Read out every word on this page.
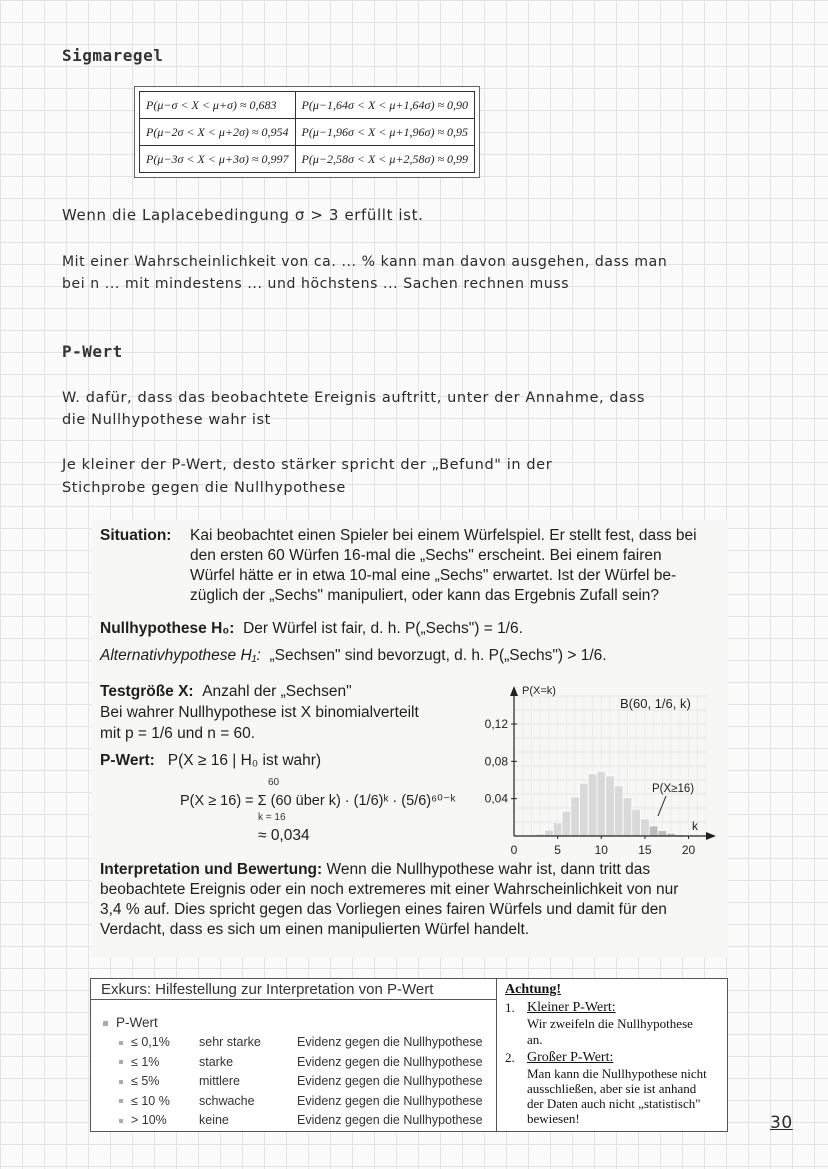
Sigmaregel
P(μ−σ < X < μ+σ) ≈ 0,683	P(μ−1,64σ < X < μ+1,64σ) ≈ 0,90
P(μ−2σ < X < μ+2σ) ≈ 0,954	P(μ−1,96σ < X < μ+1,96σ) ≈ 0,95
P(μ−3σ < X < μ+3σ) ≈ 0,997	P(μ−2,58σ < X < μ+2,58σ) ≈ 0,99
Wenn die Laplacebedingung σ > 3 erfüllt ist.
Mit einer Wahrscheinlichkeit von ca. ... % kann man davon ausgehen, dass man
bei n ... mit mindestens ... und höchstens ... Sachen rechnen muss
P-Wert
W. dafür, dass das beobachtete Ereignis auftritt, unter der Annahme, dass
die Nullhypothese wahr ist
Je kleiner der P-Wert, desto stärker spricht der „Befund" in der
Stichprobe gegen die Nullhypothese
Situation: Kai beobachtet einen Spieler bei einem Würfelspiel. Er stellt fest, dass bei
den ersten 60 Würfen 16-mal die „Sechs" erscheint. Bei einem fairen
Würfel hätte er in etwa 10-mal eine „Sechs" erwartet. Ist der Würfel be-
züglich der „Sechs" manipuliert, oder kann das Ergebnis Zufall sein?
Nullhypothese H₀: Der Würfel ist fair, d. h. P(„Sechs") = 1/6.
Alternativhypothese H₁: „Sechsen" sind bevorzugt, d. h. P(„Sechs") > 1/6.
Testgröße X: Anzahl der „Sechsen"
Bei wahrer Nullhypothese ist X binomialverteilt
mit p = 1/6 und n = 60.
P-Wert: P(X ≥ 16 | H₀ ist wahr)
60
P(X ≥ 16) = Σ (60 über k) · (1/6)ᵏ · (5/6)⁶⁰⁻ᵏ
k = 16
≈ 0,034
0	5	10	15	20
0,04
0,08
0,12
P(X=k)
B(60, 1/6, k)
P(X≥16)
k
Interpretation und Bewertung: Wenn die Nullhypothese wahr ist, dann tritt das
beobachtete Ereignis oder ein noch extremeres mit einer Wahrscheinlichkeit von nur
3,4 % auf. Dies spricht gegen das Vorliegen eines fairen Würfels und damit für den
Verdacht, dass es sich um einen manipulierten Würfel handelt.
Exkurs: Hilfestellung zur Interpretation von P-Wert
P-Wert
≤ 0,1% sehr starke	Evidenz gegen die Nullhypothese
≤ 1%	starke	Evidenz gegen die Nullhypothese
≤ 5%	mittlere	Evidenz gegen die Nullhypothese
≤ 10 % schwache	Evidenz gegen die Nullhypothese
> 10%	keine	Evidenz gegen die Nullhypothese
Achtung!
1. Kleiner P-Wert:
Wir zweifeln die Nullhypothese
an.
2. Großer P-Wert:
Man kann die Nullhypothese nicht
ausschließen, aber sie ist anhand
der Daten auch nicht „statistisch"
bewiesen!	30
